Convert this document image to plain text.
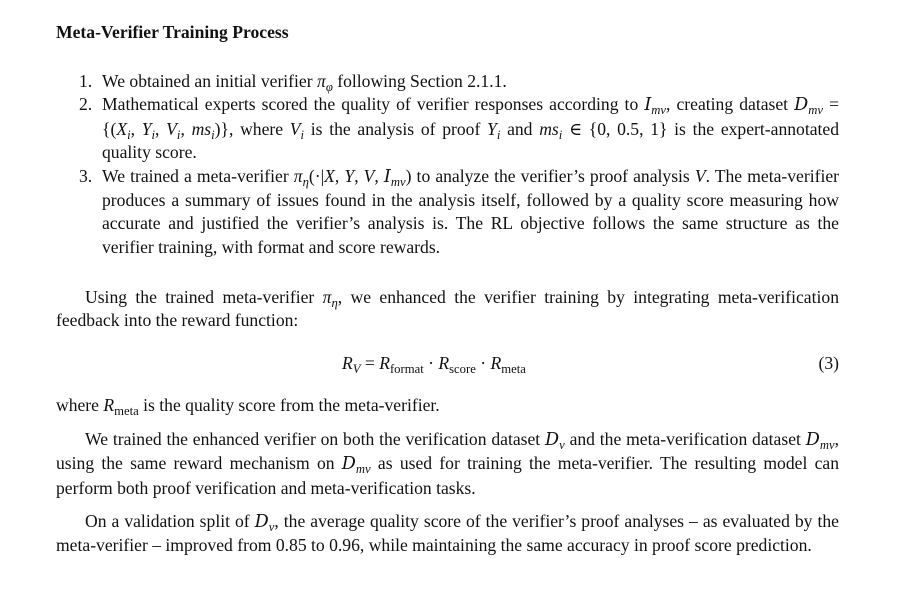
Meta-Verifier Training Process
1. We obtained an initial verifier $\pi_\varphi$ following Section 2.1.1.
2. Mathematical experts scored the quality of verifier responses according to $I_{mv}$, creating dataset $D_{mv} = \{(X_i$, $Y_i$, $V_i$, $ms_i$)}, where $V_i$ is the analysis of proof $Y_i$ and $ms_i$ ∈ {0, 0.5, 1} is the expert-annotated quality score.
3. We trained a meta-verifier $\pi_\eta(\cdot|X$, Y, V, $I_{mv}$) to analyze the verifier’s proof analysis V. The meta-verifier produces a summary of issues found in the analysis itself, followed by a quality score measuring how accurate and justified the verifier’s analysis is. The RL objective follows the same structure as the verifier training, with format and score rewards.

Using the trained meta-verifier $\pi_\eta$, we enhanced the verifier training by integrating meta-verification feedback into the reward function:

$R_V = R_{format} \cdot R_{score} \cdot R_{meta}$	(3)

where $R_{meta}$ is the quality score from the meta-verifier.

We trained the enhanced verifier on both the verification dataset $D_v$ and the meta-verification dataset $D_{mv}$, using the same reward mechanism on $D_{mv}$ as used for training the meta-verifier. The resulting model can perform both proof verification and meta-verification tasks.

On a validation split of $D_v$, the average quality score of the verifier’s proof analyses – as evaluated by the meta-verifier – improved from 0.85 to 0.96, while maintaining the same accuracy in proof score prediction.
